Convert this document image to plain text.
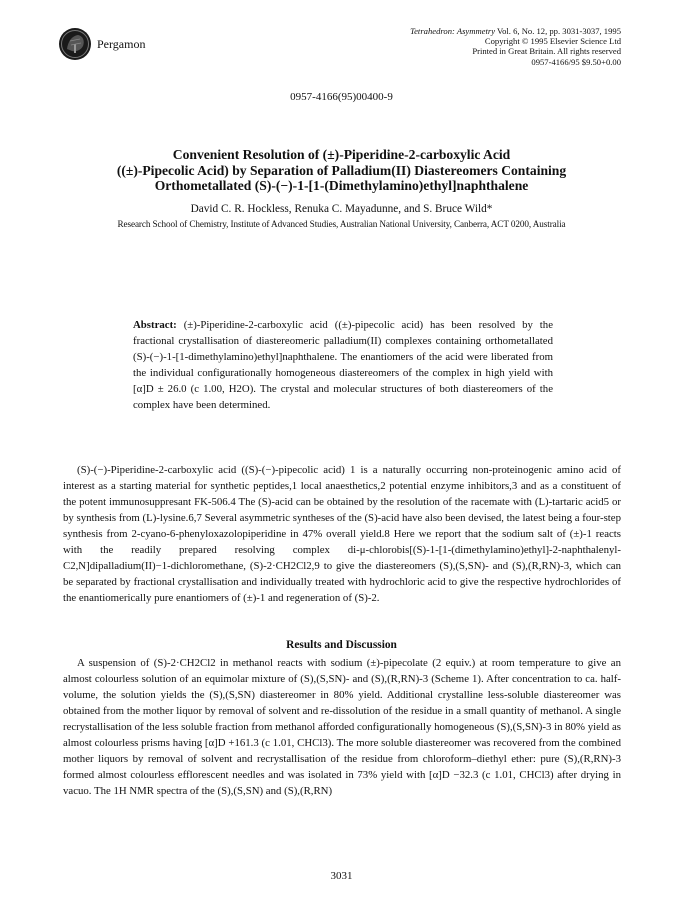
Pergamon
Tetrahedron: Asymmetry Vol. 6, No. 12, pp. 3031-3037, 1995
Copyright © 1995 Elsevier Science Ltd
Printed in Great Britain. All rights reserved
0957-4166/95 $9.50+0.00
0957-4166(95)00400-9
Convenient Resolution of (±)-Piperidine-2-carboxylic Acid
((±)-Pipecolic Acid) by Separation of Palladium(II) Diastereomers Containing
Orthometallated (S)-(−)-1-[1-(Dimethylamino)ethyl]naphthalene
David C. R. Hockless, Renuka C. Mayadunne, and S. Bruce Wild*
Research School of Chemistry, Institute of Advanced Studies, Australian National University, Canberra, ACT 0200, Australia
Abstract: (±)-Piperidine-2-carboxylic acid ((±)-pipecolic acid) has been resolved by the fractional crystallisation of diastereomeric palladium(II) complexes containing orthometallated (S)-(−)-1-[1-dimethylamino)ethyl]naphthalene. The enantiomers of the acid were liberated from the individual configurationally homogeneous diastereomers of the complex in high yield with [α]D ± 26.0 (c 1.00, H2O). The crystal and molecular structures of both diastereomers of the complex have been determined.
(S)-(−)-Piperidine-2-carboxylic acid ((S)-(−)-pipecolic acid) 1 is a naturally occurring non-proteinogenic amino acid of interest as a starting material for synthetic peptides,1 local anaesthetics,2 potential enzyme inhibitors,3 and as a constituent of the potent immunosuppresant FK-506.4 The (S)-acid can be obtained by the resolution of the racemate with (L)-tartaric acid5 or by synthesis from (L)-lysine.6,7 Several asymmetric syntheses of the (S)-acid have also been devised, the latest being a four-step synthesis from 2-cyano-6-phenyloxazolopiperidine in 47% overall yield.8 Here we report that the sodium salt of (±)-1 reacts with the readily prepared resolving complex di-μ-chlorobis[(S)-1-[1-(dimethylamino)ethyl]-2-naphthalenyl-C2,N]dipalladium(II)−1-dichloromethane, (S)-2·CH2Cl2,9 to give the diastereomers (S),(S,SN)- and (S),(R,RN)-3, which can be separated by fractional crystallisation and individually treated with hydrochloric acid to give the respective hydrochlorides of the enantiomerically pure enantiomers of (±)-1 and regeneration of (S)-2.
Results and Discussion
A suspension of (S)-2·CH2Cl2 in methanol reacts with sodium (±)-pipecolate (2 equiv.) at room temperature to give an almost colourless solution of an equimolar mixture of (S),(S,SN)- and (S),(R,RN)-3 (Scheme 1). After concentration to ca. half-volume, the solution yields the (S),(S,SN) diastereomer in 80% yield. Additional crystalline less-soluble diastereomer was obtained from the mother liquor by removal of solvent and re-dissolution of the residue in a small quantity of methanol. A single recrystallisation of the less soluble fraction from methanol afforded configurationally homogeneous (S),(S,SN)-3 in 80% yield as almost colourless prisms having [α]D +161.3 (c 1.01, CHCl3). The more soluble diastereomer was recovered from the combined mother liquors by removal of solvent and recrystallisation of the residue from chloroform–diethyl ether: pure (S),(R,RN)-3 formed almost colourless efflorescent needles and was isolated in 73% yield with [α]D −32.3 (c 1.01, CHCl3) after drying in vacuo. The 1H NMR spectra of the (S),(S,SN) and (S),(R,RN)
3031
